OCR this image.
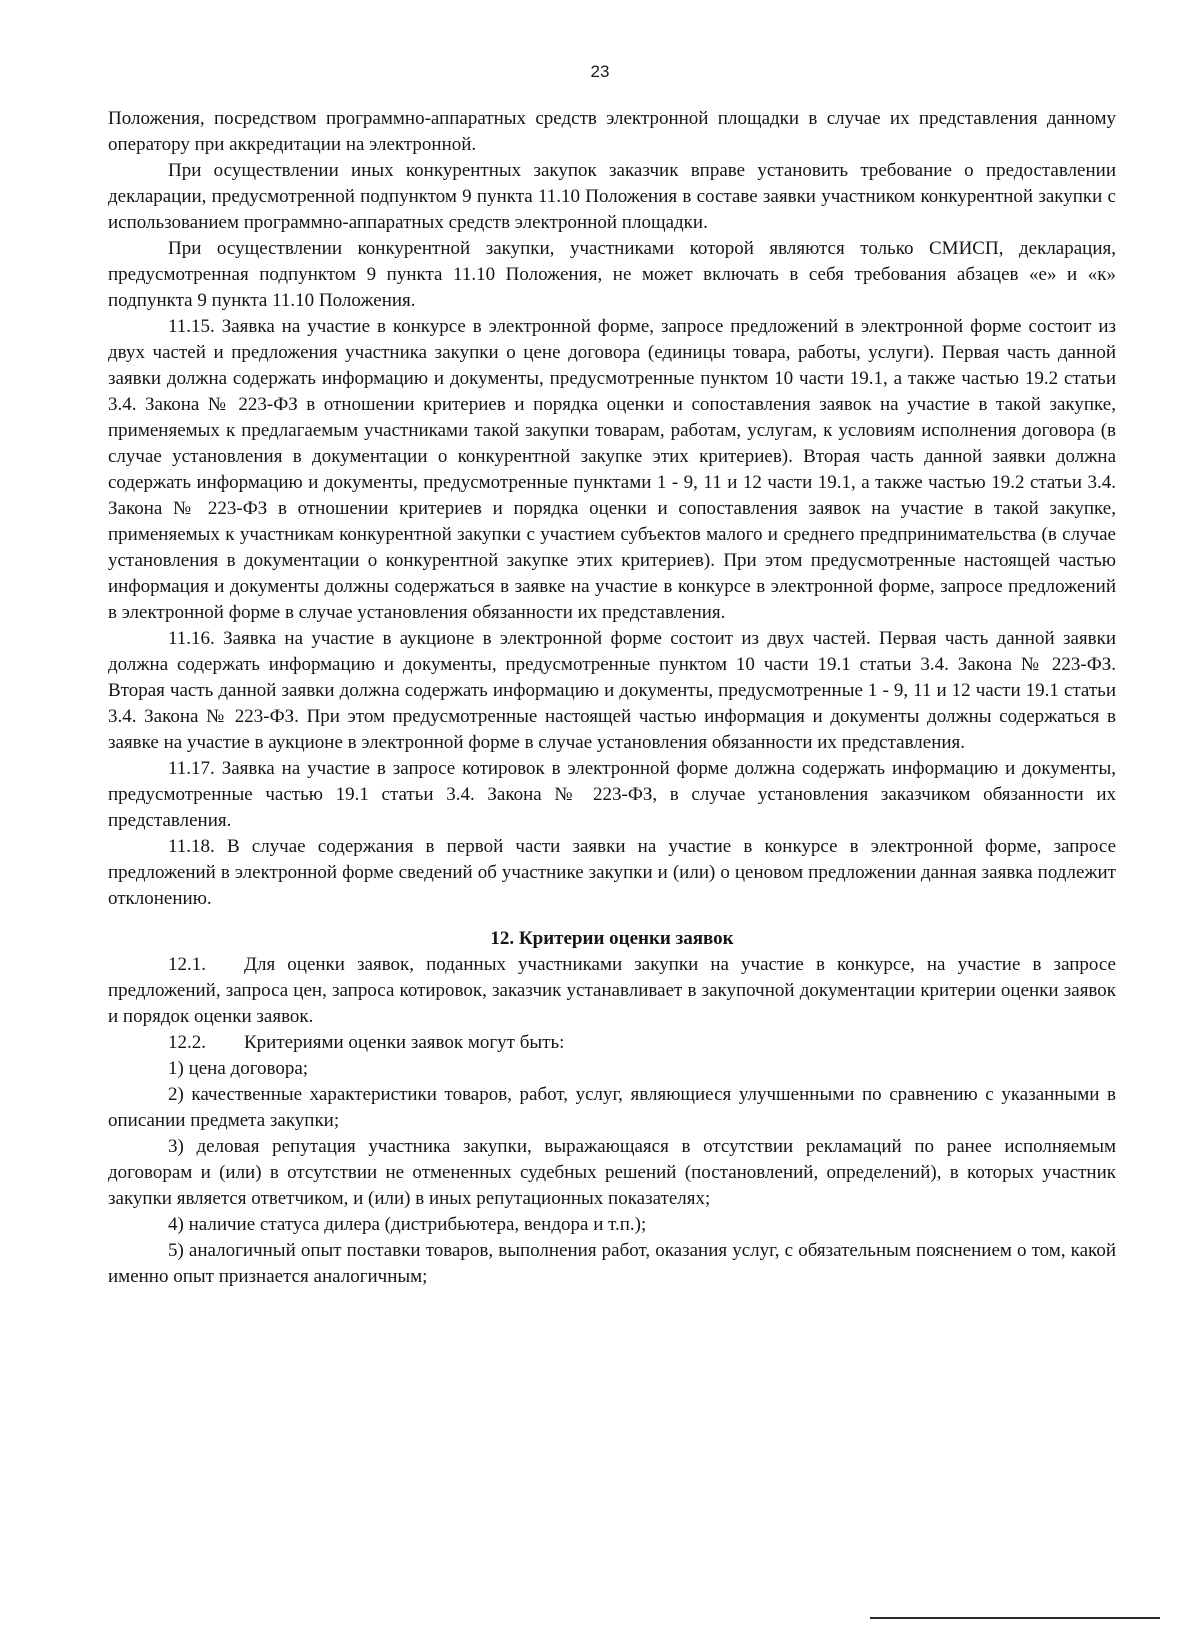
23

Положения, посредством программно-аппаратных средств электронной площадки в случае их представления данному оператору при аккредитации на электронной.

При осуществлении иных конкурентных закупок заказчик вправе установить требование о предоставлении декларации, предусмотренной подпунктом 9 пункта 11.10 Положения в составе заявки участником конкурентной закупки с использованием программно-аппаратных средств электронной площадки.

При осуществлении конкурентной закупки, участниками которой являются только СМИСП, декларация, предусмотренная подпунктом 9 пункта 11.10 Положения, не может включать в себя требования абзацев «е» и «к» подпункта 9 пункта 11.10 Положения.

11.15. Заявка на участие в конкурсе в электронной форме, запросе предложений в электронной форме состоит из двух частей и предложения участника закупки о цене договора (единицы товара, работы, услуги). Первая часть данной заявки должна содержать информацию и документы, предусмотренные пунктом 10 части 19.1, а также частью 19.2 статьи 3.4. Закона № 223-ФЗ в отношении критериев и порядка оценки и сопоставления заявок на участие в такой закупке, применяемых к предлагаемым участниками такой закупки товарам, работам, услугам, к условиям исполнения договора (в случае установления в документации о конкурентной закупке этих критериев). Вторая часть данной заявки должна содержать информацию и документы, предусмотренные пунктами 1 - 9, 11 и 12 части 19.1, а также частью 19.2 статьи 3.4. Закона № 223-ФЗ в отношении критериев и порядка оценки и сопоставления заявок на участие в такой закупке, применяемых к участникам конкурентной закупки с участием субъектов малого и среднего предпринимательства (в случае установления в документации о конкурентной закупке этих критериев). При этом предусмотренные настоящей частью информация и документы должны содержаться в заявке на участие в конкурсе в электронной форме, запросе предложений в электронной форме в случае установления обязанности их представления.

11.16. Заявка на участие в аукционе в электронной форме состоит из двух частей. Первая часть данной заявки должна содержать информацию и документы, предусмотренные пунктом 10 части 19.1 статьи 3.4. Закона № 223-ФЗ. Вторая часть данной заявки должна содержать информацию и документы, предусмотренные 1 - 9, 11 и 12 части 19.1 статьи 3.4. Закона № 223-ФЗ. При этом предусмотренные настоящей частью информация и документы должны содержаться в заявке на участие в аукционе в электронной форме в случае установления обязанности их представления.

11.17. Заявка на участие в запросе котировок в электронной форме должна содержать информацию и документы, предусмотренные частью 19.1 статьи 3.4. Закона № 223-ФЗ, в случае установления заказчиком обязанности их представления.

11.18. В случае содержания в первой части заявки на участие в конкурсе в электронной форме, запросе предложений в электронной форме сведений об участнике закупки и (или) о ценовом предложении данная заявка подлежит отклонению.

12. Критерии оценки заявок

12.1.  Для оценки заявок, поданных участниками закупки на участие в конкурсе, на участие в запросе предложений, запроса цен, запроса котировок, заказчик устанавливает в закупочной документации критерии оценки заявок и порядок оценки заявок.

12.2.  Критериями оценки заявок могут быть:

1) цена договора;

2) качественные характеристики товаров, работ, услуг, являющиеся улучшенными по сравнению с указанными в описании предмета закупки;

3) деловая репутация участника закупки, выражающаяся в отсутствии рекламаций по ранее исполняемым договорам и (или) в отсутствии не отмененных судебных решений (постановлений, определений), в которых участник закупки является ответчиком, и (или) в иных репутационных показателях;

4) наличие статуса дилера (дистрибьютера, вендора и т.п.);

5) аналогичный опыт поставки товаров, выполнения работ, оказания услуг, с обязательным пояснением о том, какой именно опыт признается аналогичным;
